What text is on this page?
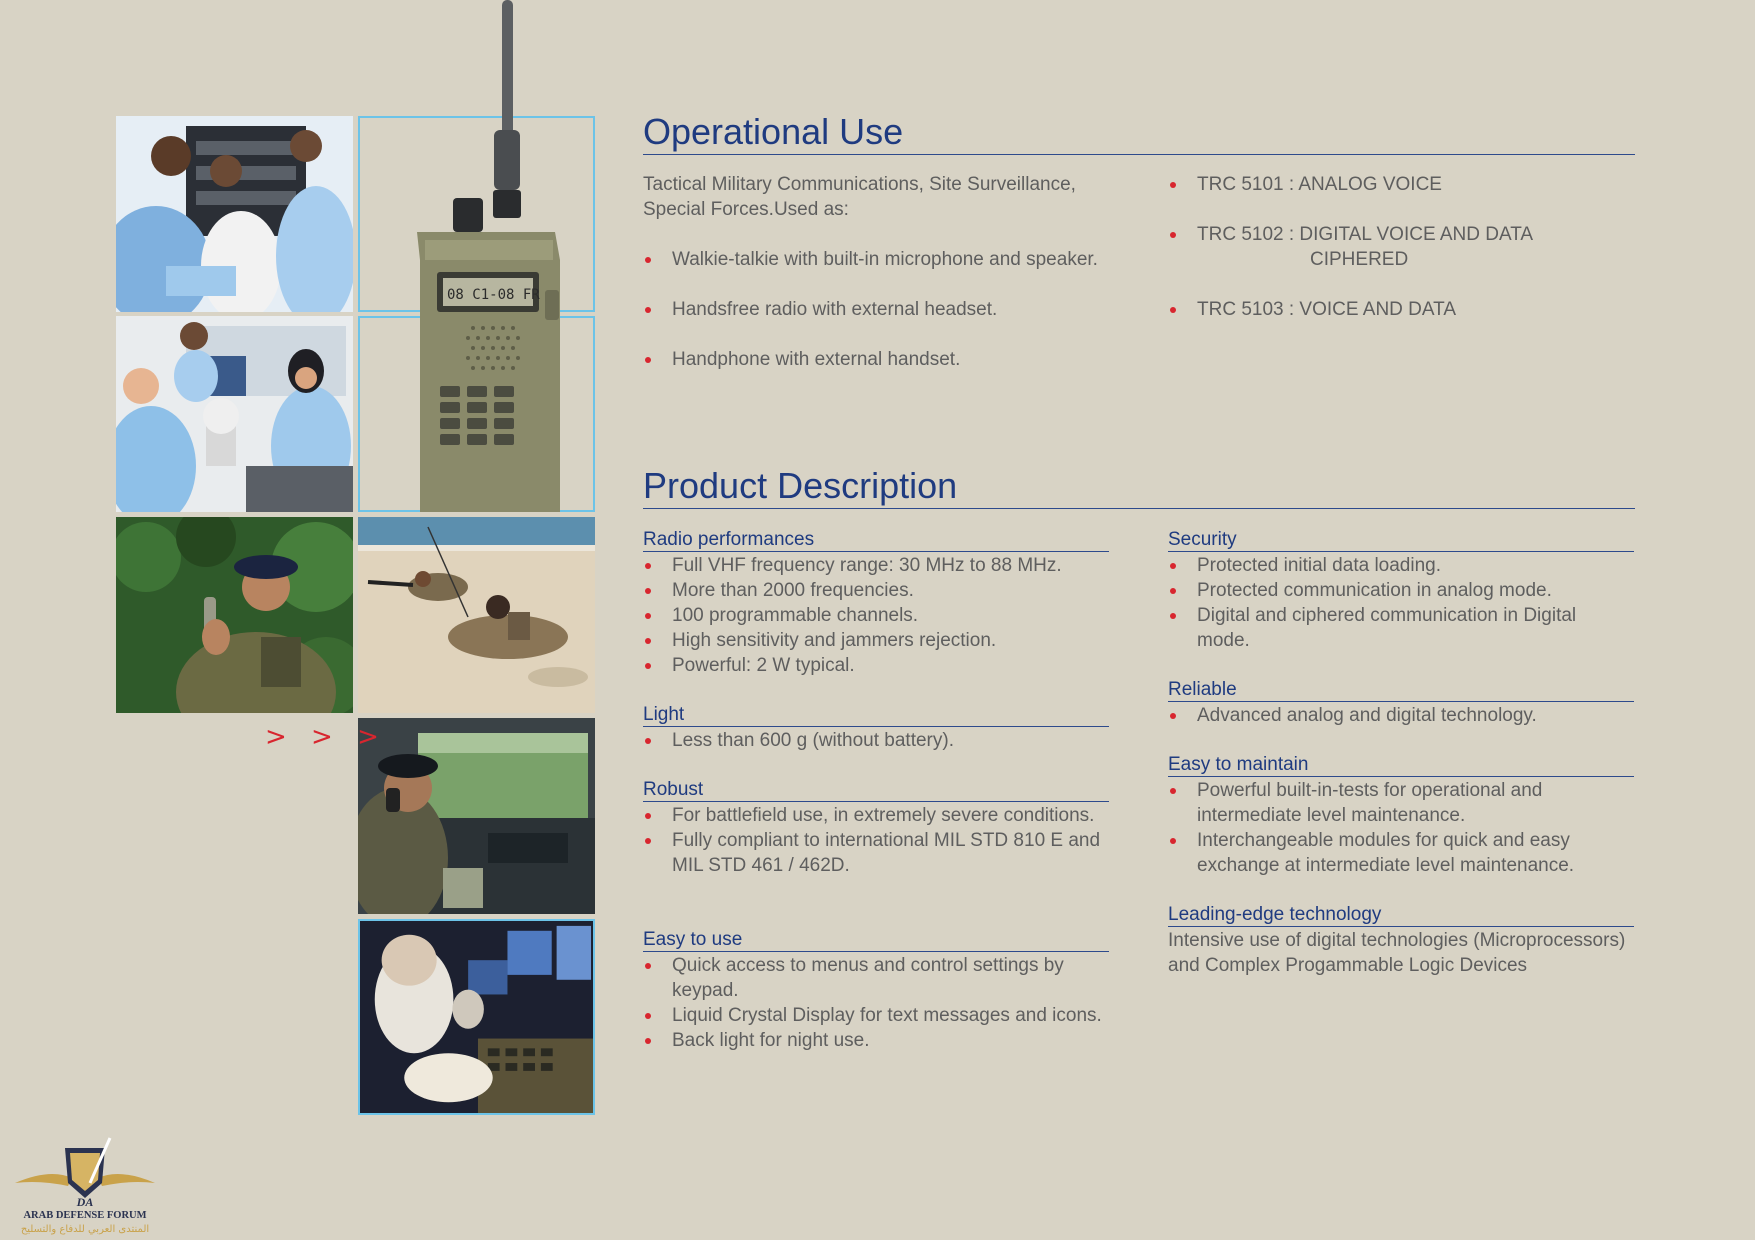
08 C1-08 FR
> > >
DA
ARAB DEFENSE FORUM
المنتدى العربي للدفاع والتسليح
Operational Use
Tactical Military Communications, Site Surveillance, Special Forces.Used as:
Walkie-talkie with built-in microphone and speaker.
Handsfree radio with external headset.
Handphone with external handset.
TRC 5101 : ANALOG VOICE
TRC 5102 : DIGITAL VOICE AND DATA
CIPHERED
TRC 5103 : VOICE AND DATA
Product Description
Radio performances
Full VHF frequency range: 30 MHz to 88 MHz.
More than 2000 frequencies.
100 programmable channels.
High sensitivity and jammers rejection.
Powerful: 2 W typical.
Light
Less than 600 g (without battery).
Robust
For battlefield use, in extremely severe conditions.
Fully compliant to international MIL STD 810 E and MIL STD 461 / 462D.
Easy to use
Quick access to menus and control settings by keypad.
Liquid Crystal Display for text messages and icons.
Back light for night use.
Security
Protected initial data loading.
Protected communication in analog mode.
Digital and ciphered communication in Digital mode.
Reliable
Advanced analog and digital technology.
Easy to maintain
Powerful built-in-tests for operational and intermediate level maintenance.
Interchangeable modules for quick and easy exchange at intermediate level maintenance.
Leading-edge technology
Intensive use of digital technologies (Microprocessors) and Complex Progammable Logic Devices
